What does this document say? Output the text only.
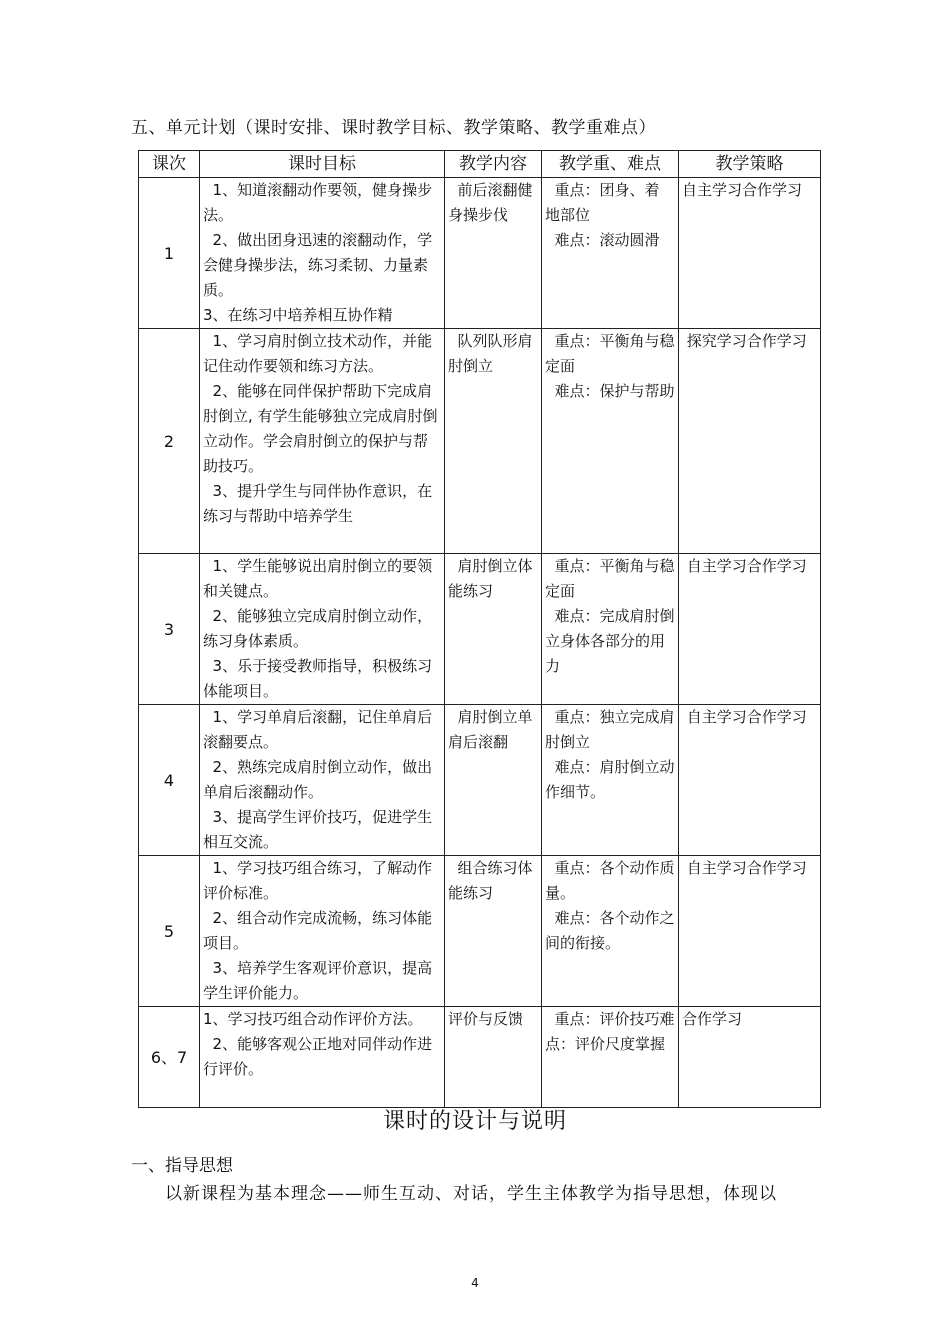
五、单元计划（课时安排、课时教学目标、教学策略、教学重难点）
课次	课时目标	教学内容	教学重、难点	教学策略
1	1、知道滚翻动作要领，健身操步法。
2、做出团身迅速的滚翻动作，学会健身操步法，练习柔韧、力量素质。
3、在练习中培养相互协作精	前后滚翻健身操步伐	重点：团身、着
地部位
难点：滚动圆滑	自主学习合作学习

2	1、学习肩肘倒立技术动作，并能记住动作要领和练习方法。
2、能够在同伴保护帮助下完成肩肘倒立, 有学生能够独立完成肩肘倒立动作。学会肩肘倒立的保护与帮助技巧。
3、提升学生与同伴协作意识，在练习与帮助中培养学生	队列队形肩肘倒立	重点：平衡角与稳定面
难点：保护与帮助	探究学习合作学习

3	1、学生能够说出肩肘倒立的要领和关键点。
2、能够独立完成肩肘倒立动作，练习身体素质。
3、乐于接受教师指导，积极练习体能项目。	肩肘倒立体能练习	重点：平衡角与稳定面
难点：完成肩肘倒立身体各部分的用力	自主学习合作学习

4	1、学习单肩后滚翻，记住单肩后滚翻要点。
2、熟练完成肩肘倒立动作，做出单肩后滚翻动作。
3、提高学生评价技巧，促进学生相互交流。	肩肘倒立单肩后滚翻	重点：独立完成肩肘倒立
难点：肩肘倒立动作细节。	自主学习合作学习

5	1、学习技巧组合练习，了解动作评价标准。
2、组合动作完成流畅，练习体能项目。
3、培养学生客观评价意识，提高学生评价能力。	组合练习体能练习	重点：各个动作质量。
难点：各个动作之间的衔接。	自主学习合作学习

6、7	1、学习技巧组合动作评价方法。
2、能够客观公正地对同伴动作进行评价。	评价与反馈	重点：评价技巧难点：评价尺度掌握	合作学习
课时的设计与说明
一、指导思想
以新课程为基本理念——师生互动、对话，学生主体教学为指导思想，体现以
4
